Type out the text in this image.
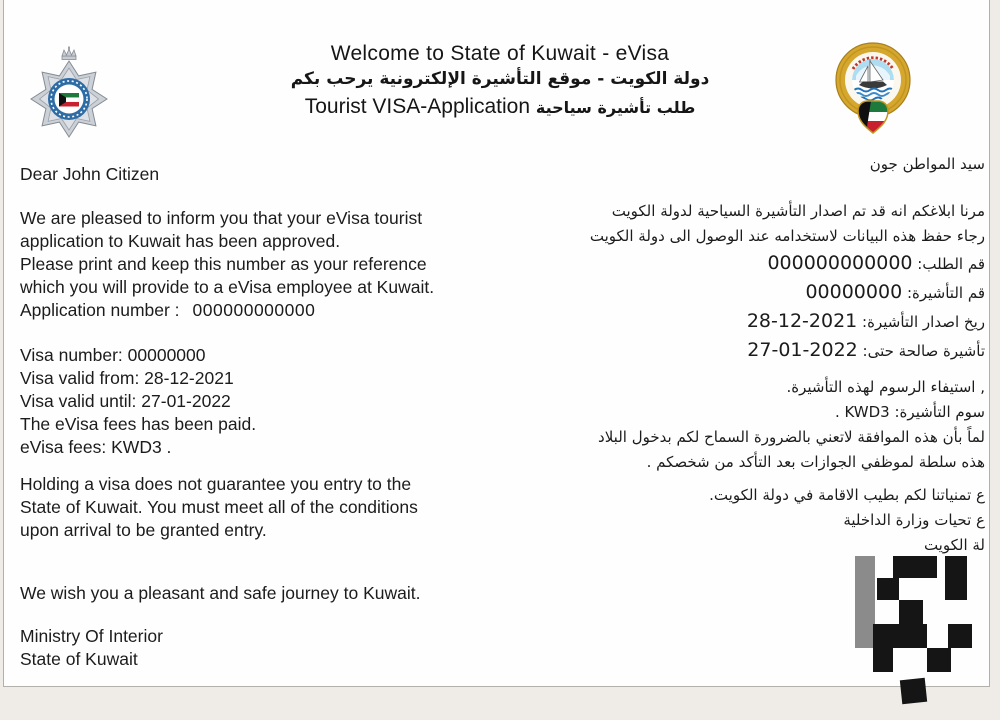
Welcome to State of Kuwait - eVisa
دولة الكويت - موقع التأشيرة الإلكترونية يرحب بكم
Tourist VISA-Application طلب تأشيرة سياحية
Dear John Citizen
We are pleased to inform you that your eVisa tourist
application to Kuwait has been approved.
Please print and keep this number as your reference
which you will provide to a eVisa employee at Kuwait.
Application number : 000000000000
Visa number: 00000000
Visa valid from: 28-12-2021
Visa valid until: 27-01-2022
The eVisa fees has been paid.
eVisa fees: KWD3 .
Holding a visa does not guarantee you entry to the
State of Kuwait. You must meet all of the conditions
upon arrival to be granted entry.
We wish you a pleasant and safe journey to Kuwait.
Ministry Of Interior
State of Kuwait
سيد المواطن جون
مرنا ابلاغكم انه قد تم اصدار التأشيرة السياحية لدولة الكويت
رجاء حفظ هذه البيانات لاستخدامه عند الوصول الى دولة الكويت
قم الطلب: 000000000000
قم التأشيرة: 00000000
ريخ اصدار التأشيرة: 2021-12-28
تأشيرة صالحة حتى: 2022-01-27
, استيفاء الرسوم لهذه التأشيرة.
سوم التأشيرة: KWD3 .
لماً بأن هذه الموافقة لاتعني بالضرورة السماح لكم بدخول البلاد
هذه سلطة لموظفي الجوازات بعد التأكد من شخصكم .
ع تمنياتنا لكم بطيب الاقامة في دولة الكويت.
ع تحيات وزارة الداخلية
لة الكويت
